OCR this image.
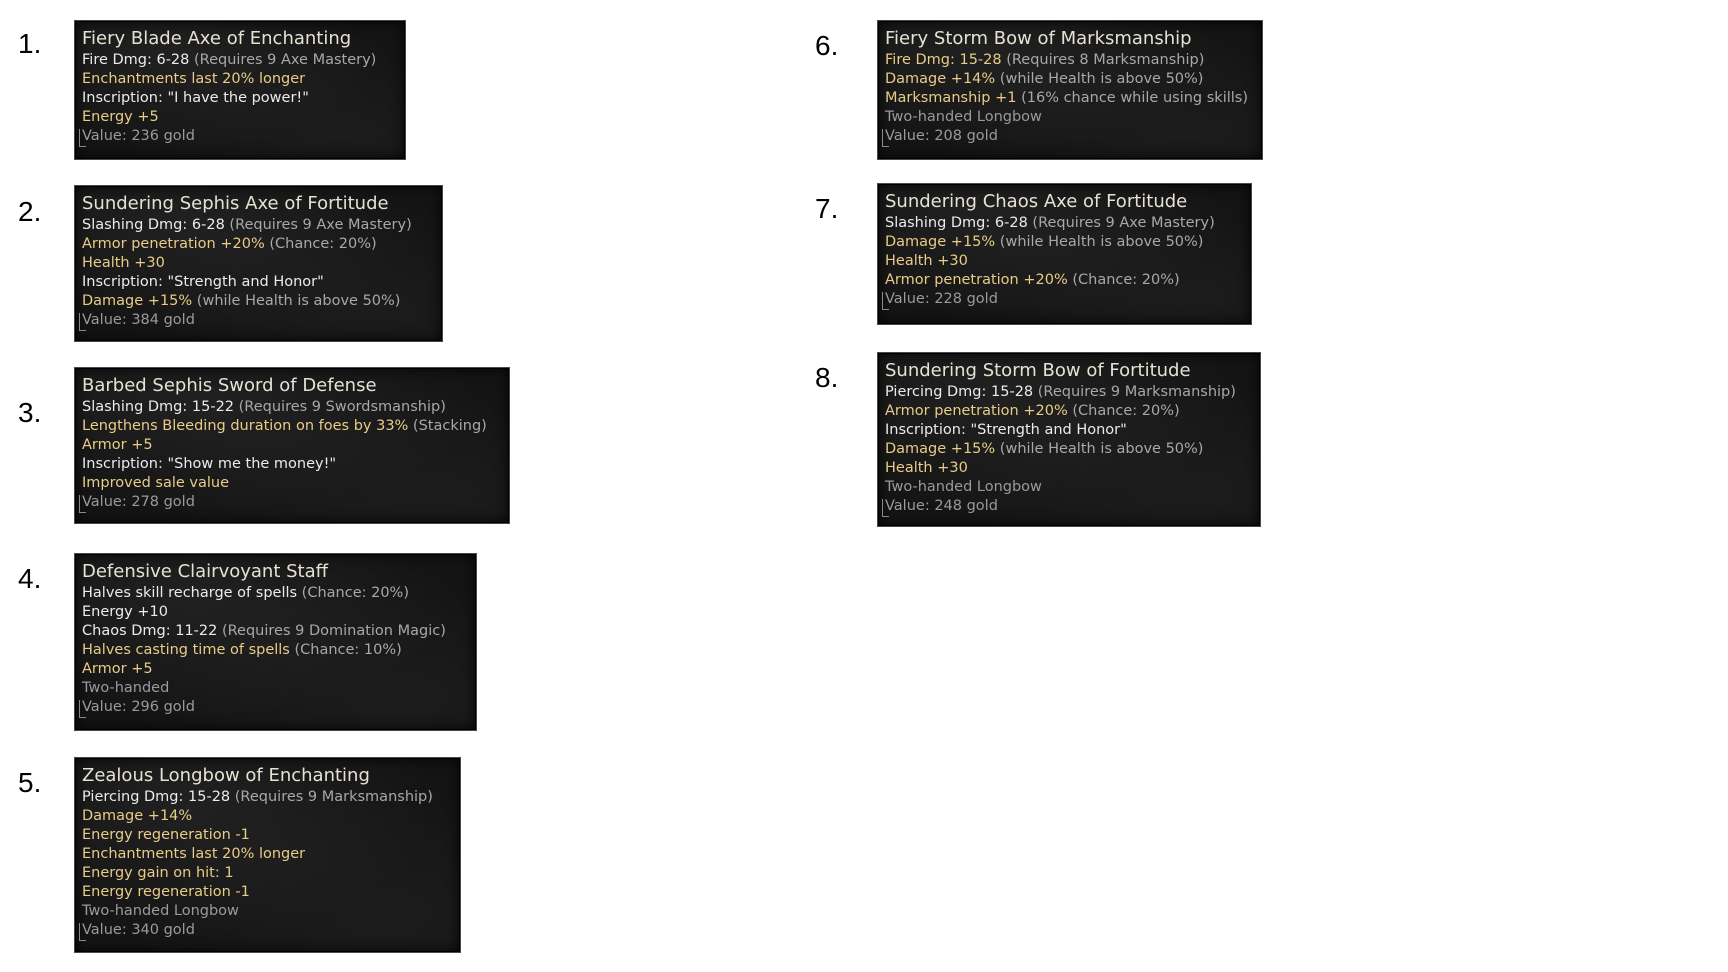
1. Fiery Blade Axe of Enchanting
Fire Dmg: 6-28 (Requires 9 Axe Mastery)
Enchantments last 20% longer
Inscription: "I have the power!"
Energy +5
Value: 236 gold
2. Sundering Sephis Axe of Fortitude
Slashing Dmg: 6-28 (Requires 9 Axe Mastery)
Armor penetration +20% (Chance: 20%)
Health +30
Inscription: "Strength and Honor"
Damage +15% (while Health is above 50%)
Value: 384 gold
3.
Barbed Sephis Sword of Defense
Slashing Dmg: 15-22 (Requires 9 Swordsmanship)
Lengthens Bleeding duration on foes by 33% (Stacking)
Armor +5
Inscription: "Show me the money!"
Improved sale value
Value: 278 gold
4. Defensive Clairvoyant Staff
Halves skill recharge of spells (Chance: 20%)
Energy +10
Chaos Dmg: 11-22 (Requires 9 Domination Magic)
Halves casting time of spells (Chance: 10%)
Armor +5
Two-handed
Value: 296 gold
5. Zealous Longbow of Enchanting
Piercing Dmg: 15-28 (Requires 9 Marksmanship)
Damage +14%
Energy regeneration -1
Enchantments last 20% longer
Energy gain on hit: 1
Energy regeneration -1
Two-handed Longbow
Value: 340 gold
6.	Fiery Storm Bow of Marksmanship
Fire Dmg: 15-28 (Requires 8 Marksmanship)
Damage +14% (while Health is above 50%)
Marksmanship +1 (16% chance while using skills)
Two-handed Longbow
Value: 208 gold
7.	Sundering Chaos Axe of Fortitude
Slashing Dmg: 6-28 (Requires 9 Axe Mastery)
Damage +15% (while Health is above 50%)
Health +30
Armor penetration +20% (Chance: 20%)
Value: 228 gold
8.	Sundering Storm Bow of Fortitude
Piercing Dmg: 15-28 (Requires 9 Marksmanship)
Armor penetration +20% (Chance: 20%)
Inscription: "Strength and Honor"
Damage +15% (while Health is above 50%)
Health +30
Two-handed Longbow
Value: 248 gold
